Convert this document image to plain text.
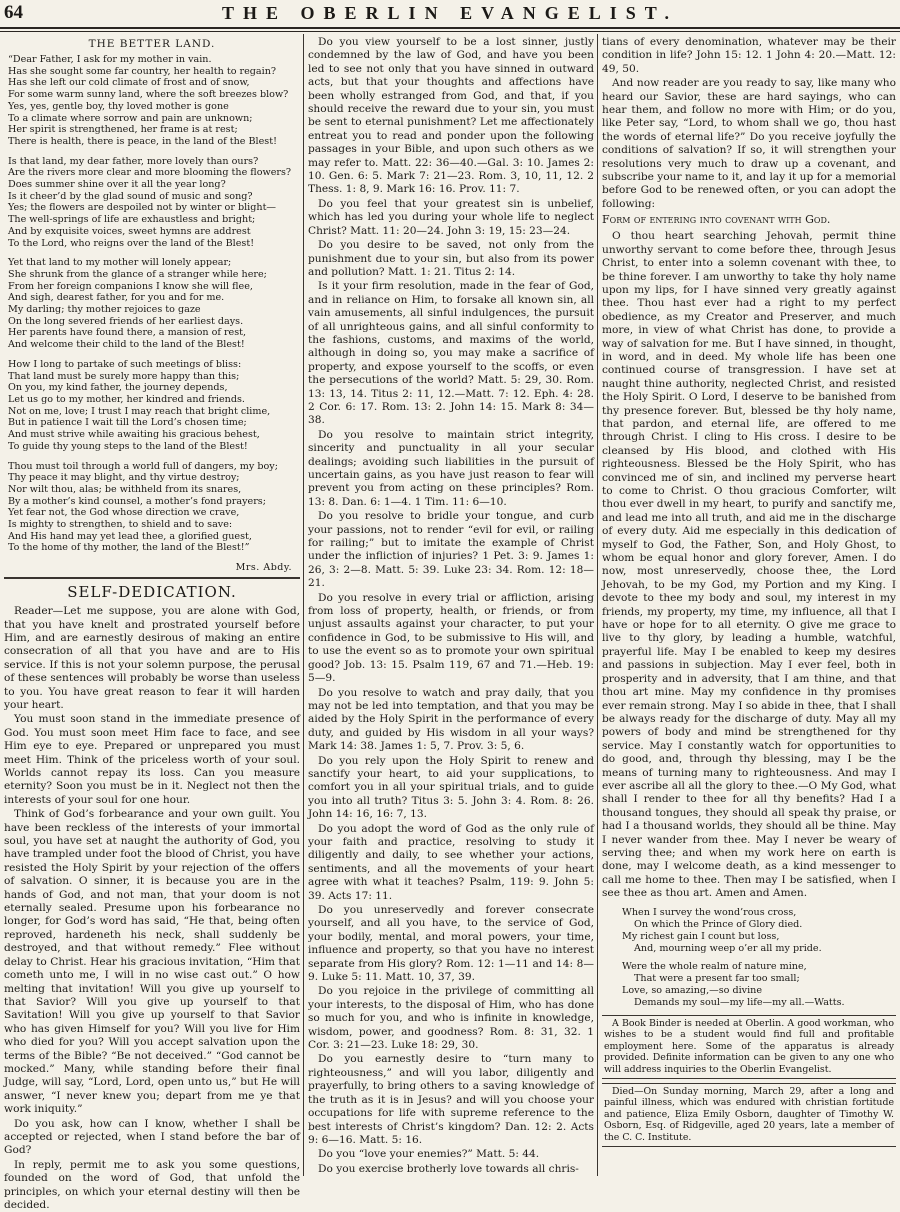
64	THE OBERLIN EVANGELIST.
THE BETTER LAND.
“Dear Father, I ask for my mother in vain.
Has she sought some far country, her health to regain?
Has she left our cold climate of frost and of snow,
For some warm sunny land, where the soft breezes blow?
Yes, yes, gentle boy, thy loved mother is gone
To a climate where sorrow and pain are unknown;
Her spirit is strengthened, her frame is at rest;
There is health, there is peace, in the land of the Blest!
Is that land, my dear father, more lovely than ours?
Are the rivers more clear and more blooming the flowers?
Does summer shine over it all the year long?
Is it cheer’d by the glad sound of music and song?
Yes; the flowers are despoiled not by winter or blight—
The well-springs of life are exhaustless and bright;
And by exquisite voices, sweet hymns are addrest
To the Lord, who reigns over the land of the Blest!
Yet that land to my mother will lonely appear;
She shrunk from the glance of a stranger while here;
From her foreign companions I know she will flee,
And sigh, dearest father, for you and for me.
My darling; thy mother rejoices to gaze
On the long severed friends of her earliest days.
Her parents have found there, a mansion of rest,
And welcome their child to the land of the Blest!
How I long to partake of such meetings of bliss:
That land must be surely more happy than this;
On you, my kind father, the journey depends,
Let us go to my mother, her kindred and friends.
Not on me, love; I trust I may reach that bright clime,
But in patience I wait till the Lord’s chosen time;
And must strive while awaiting his gracious behest,
To guide thy young steps to the land of the Blest!
Thou must toil through a world full of dangers, my boy;
Thy peace it may blight, and thy virtue destroy;
Nor wilt thou, alas; be withheld from its snares,
By a mother’s kind counsel, a mother’s fond prayers;
Yet fear not, the God whose direction we crave,
Is mighty to strengthen, to shield and to save:
And His hand may yet lead thee, a glorified guest,
To the home of thy mother, the land of the Blest!”
Mrs. Abdy.
SELF-DEDICATION.
Reader—Let me suppose, you are alone with God, that you have knelt and prostrated yourself before Him, and are earnestly desirous of making an entire consecration of all that you have and are to His service. If this is not your solemn purpose, the perusal of these sentences will probably be worse than useless to you. You have great reason to fear it will harden your heart.
You must soon stand in the immediate presence of God. You must soon meet Him face to face, and see Him eye to eye. Prepared or unprepared you must meet Him. Think of the priceless worth of your soul. Worlds cannot repay its loss. Can you measure eternity? Soon you must be in it. Neglect not then the interests of your soul for one hour.
Think of God’s forbearance and your own guilt. You have been reckless of the interests of your immortal soul, you have set at naught the authority of God, you have trampled under foot the blood of Christ, you have resisted the Holy Spirit by your rejection of the offers of salvation. O sinner, it is because you are in the hands of God, and not man, that your doom is not eternally sealed. Presume upon his forbearance no longer, for God’s word has said, “He that, being often reproved, hardeneth his neck, shall suddenly be destroyed, and that without remedy.” Flee without delay to Christ. Hear his gracious invitation, “Him that cometh unto me, I will in no wise cast out.” O how melting that invitation! Will you give up yourself to that Savior? Will you give up yourself to that Savitation! Will you give up yourself to that Savior who has given Himself for you? Will you live for Him who died for you? Will you accept salvation upon the terms of the Bible? “Be not deceived.” “God cannot be mocked.” Many, while standing before their final Judge, will say, “Lord, Lord, open unto us,” but He will answer, “I never knew you; depart from me ye that work iniquity.”
Do you ask, how can I know, whether I shall be accepted or rejected, when I stand before the bar of God?
In reply, permit me to ask you some questions, founded on the word of God, that unfold the principles, on which your eternal destiny will then be decided.
Do you view yourself to be a lost sinner, justly condemned by the law of God, and have you been led to see not only that you have sinned in outward acts, but that your thoughts and affections have been wholly estranged from God, and that, if you should receive the reward due to your sin, you must be sent to eternal punishment? Let me affectionately entreat you to read and ponder upon the following passages in your Bible, and upon such others as we may refer to. Matt. 22: 36—40.—Gal. 3: 10. James 2: 10. Gen. 6: 5. Mark 7: 21—23. Rom. 3, 10, 11, 12. 2 Thess. 1: 8, 9. Mark 16: 16. Prov. 11: 7.
Do you feel that your greatest sin is unbelief, which has led you during your whole life to neglect Christ? Matt. 11: 20—24. John 3: 19, 15: 23—24.
Do you desire to be saved, not only from the punishment due to your sin, but also from its power and pollution? Matt. 1: 21. Titus 2: 14.
Is it your firm resolution, made in the fear of God, and in reliance on Him, to forsake all known sin, all vain amusements, all sinful indulgences, the pursuit of all unrighteous gains, and all sinful conformity to the fashions, customs, and maxims of the world, although in doing so, you may make a sacrifice of property, and expose yourself to the scoffs, or even the persecutions of the world? Matt. 5: 29, 30. Rom. 13: 13, 14. Titus 2: 11, 12.—Matt. 7: 12. Eph. 4: 28. 2 Cor. 6: 17. Rom. 13: 2. John 14: 15. Mark 8: 34—38.
Do you resolve to maintain strict integrity, sincerity and punctuality in all your secular dealings; avoiding such liabilities in the pursuit of uncertain gains, as you have just reason to fear will prevent you from acting on these principles? Rom. 13: 8. Dan. 6: 1—4. 1 Tim. 11: 6—10.
Do you resolve to bridle your tongue, and curb your passions, not to render “evil for evil, or railing for railing;” but to imitate the example of Christ under the infliction of injuries? 1 Pet. 3: 9. James 1: 26, 3: 2—8. Matt. 5: 39. Luke 23: 34. Rom. 12: 18—21.
Do you resolve in every trial or affliction, arising from loss of property, health, or friends, or from unjust assaults against your character, to put your confidence in God, to be submissive to His will, and to use the event so as to promote your own spiritual good? Job. 13: 15. Psalm 119, 67 and 71.—Heb. 19: 5—9.
Do you resolve to watch and pray daily, that you may not be led into temptation, and that you may be aided by the Holy Spirit in the performance of every duty, and guided by His wisdom in all your ways? Mark 14: 38. James 1: 5, 7. Prov. 3: 5, 6.
Do you rely upon the Holy Spirit to renew and sanctify your heart, to aid your supplications, to comfort you in all your spiritual trials, and to guide you into all truth? Titus 3: 5. John 3: 4. Rom. 8: 26. John 14: 16, 16: 7, 13.
Do you adopt the word of God as the only rule of your faith and practice, resolving to study it diligently and daily, to see whether your actions, sentiments, and all the movements of your heart agree with what it teaches? Psalm, 119: 9. John 5: 39. Acts 17: 11.
Do you unreservedly and forever consecrate yourself, and all you have, to the service of God, your bodily, mental, and moral powers, your time, influence and property, so that you have no interest separate from His glory? Rom. 12: 1—11 and 14: 8—9. Luke 5: 11. Matt. 10, 37, 39.
Do you rejoice in the privilege of committing all your interests, to the disposal of Him, who has done so much for you, and who is infinite in knowledge, wisdom, power, and goodness? Rom. 8: 31, 32. 1 Cor. 3: 21—23. Luke 18: 29, 30.
Do you earnestly desire to “turn many to righteousness,” and will you labor, diligently and prayerfully, to bring others to a saving knowledge of the truth as it is in Jesus? and will you choose your occupations for life with supreme reference to the best interests of Christ’s kingdom? Dan. 12: 2. Acts 9: 6—16. Matt. 5: 16.
Do you “love your enemies?” Matt. 5: 44.
Do you exercise brotherly love towards all chris-
tians of every denomination, whatever may be their condition in life? John 15: 12. 1 John 4: 20.—Matt. 12: 49, 50.
And now reader are you ready to say, like many who heard our Savior, these are hard sayings, who can hear them, and follow no more with Him; or do you, like Peter say, “Lord, to whom shall we go, thou hast the words of eternal life?” Do you receive joyfully the conditions of salvation? If so, it will strengthen your resolutions very much to draw up a covenant, and subscribe your name to it, and lay it up for a memorial before God to be renewed often, or you can adopt the following:
Form of entering into covenant with God.
O thou heart searching Jehovah, permit thine unworthy servant to come before thee, through Jesus Christ, to enter into a solemn covenant with thee, to be thine forever. I am unworthy to take thy holy name upon my lips, for I have sinned very greatly against thee. Thou hast ever had a right to my perfect obedience, as my Creator and Preserver, and much more, in view of what Christ has done, to provide a way of salvation for me. But I have sinned, in thought, in word, and in deed. My whole life has been one continued course of transgression. I have set at naught thine authority, neglected Christ, and resisted the Holy Spirit. O Lord, I deserve to be banished from thy presence forever. But, blessed be thy holy name, that pardon, and eternal life, are offered to me through Christ. I cling to His cross. I desire to be cleansed by His blood, and clothed with His righteousness. Blessed be the Holy Spirit, who has convinced me of sin, and inclined my perverse heart to come to Christ. O thou gracious Comforter, wilt thou ever dwell in my heart, to purify and sanctify me, and lead me into all truth, and aid me in the discharge of every duty. Aid me especially in this dedication of myself to God, the Father, Son, and Holy Ghost, to whom be equal honor and glory forever, Amen. I do now, most unreservedly, choose thee, the Lord Jehovah, to be my God, my Portion and my King. I devote to thee my body and soul, my interest in my friends, my property, my time, my influence, all that I have or hope for to all eternity. O give me grace to live to thy glory, by leading a humble, watchful, prayerful life. May I be enabled to keep my desires and passions in subjection. May I ever feel, both in prosperity and in adversity, that I am thine, and that thou art mine. May my confidence in thy promises ever remain strong. May I so abide in thee, that I shall be always ready for the discharge of duty. May all my powers of body and mind be strengthened for thy service. May I constantly watch for opportunities to do good, and, through thy blessing, may I be the means of turning many to righteousness. And may I ever ascribe all all the glory to thee.—O My God, what shall I render to thee for all thy benefits? Had I a thousand tongues, they should all speak thy praise, or had I a thousand worlds, they should all be thine. May I never wander from thee. May I never be weary of serving thee; and when my work here on earth is done, may I welcome death, as a kind messenger to call me home to thee. Then may I be satisfied, when I see thee as thou art. Amen and Amen.
When I survey the wond’rous cross,
On which the Prince of Glory died.
My richest gain I count but loss,
And, mourning weep o’er all my pride.
Were the whole realm of nature mine,
That were a present far too small;
Love, so amazing,—so divine
Demands my soul—my life—my all.—Watts.
A Book Binder is needed at Oberlin. A good workman, who wishes to be a student would find full and profitable employment here. Some of the apparatus is already provided. Definite information can be given to any one who will address inquiries to the Oberlin Evangelist.
Died—On Sunday morning, March 29, after a long and painful illness, which was endured with christian fortitude and patience, Eliza Emily Osborn, daughter of Timothy W. Osborn, Esq. of Ridgeville, aged 20 years, late a member of the C. C. Institute.
